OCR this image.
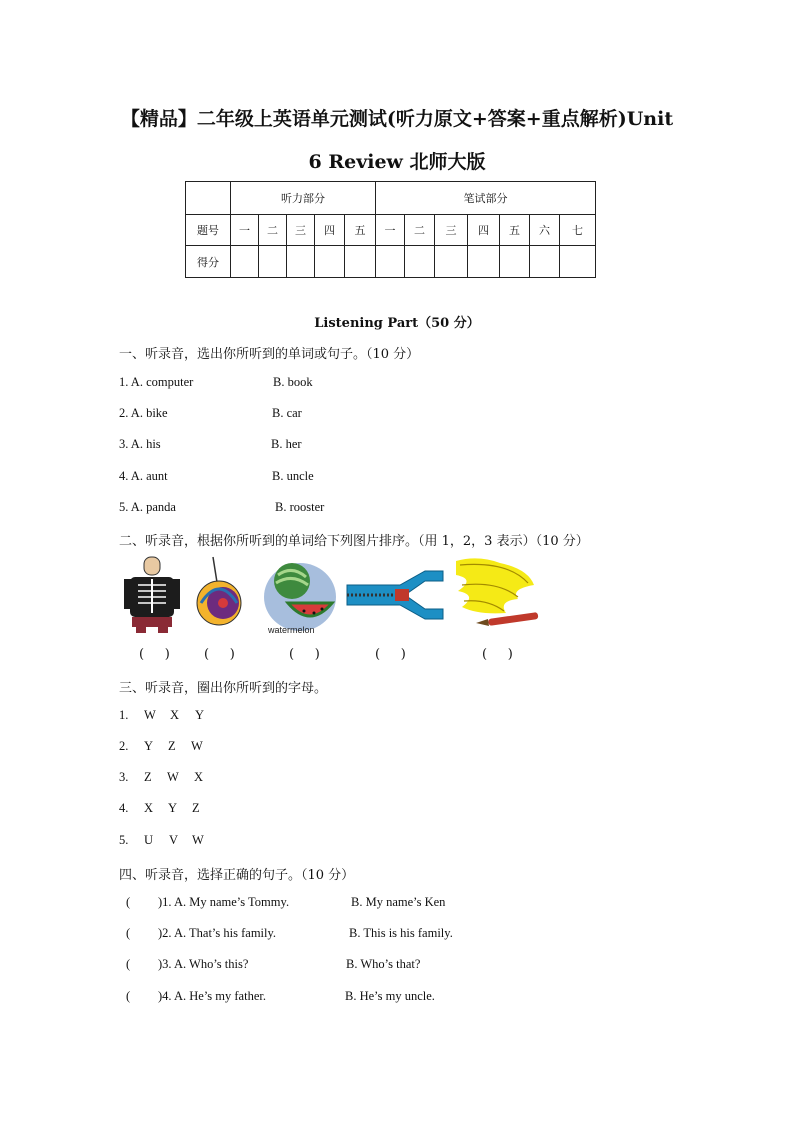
【精品】二年级上英语单元测试(听力原文+答案+重点解析)Unit
6 Review 北师大版
	听力部分					笔试部分						
题号	一	二	三	四	五	一	二	三	四	五	六	七
得分												
Listening Part（50 分）
一、听录音，选出你所听到的单词或句子。（10 分）
1. A. computer	B. book
2. A. bike	B. car
3. A. his	B. her
4. A. aunt	B. uncle
5. A. panda	B. rooster
二、听录音，根据你所听到的单词给下列图片排序。（用 1，2，3 表示）（10 分）
watermelon
(     )	(     )	(     )	(     )	(     )
三、听录音，圈出你所听到的字母。
1. W X Y
2. Y Z W
3. Z W X
4. X Y Z
5. U V W
四、听录音，选择正确的句子。（10 分）
( )1. A. My name’s Tommy.	B. My name’s Ken
( )2. A. That’s his family.	B. This is his family.
( )3. A. Who’s this?	B. Who’s that?
( )4. A. He’s my father.	B. He’s my uncle.
